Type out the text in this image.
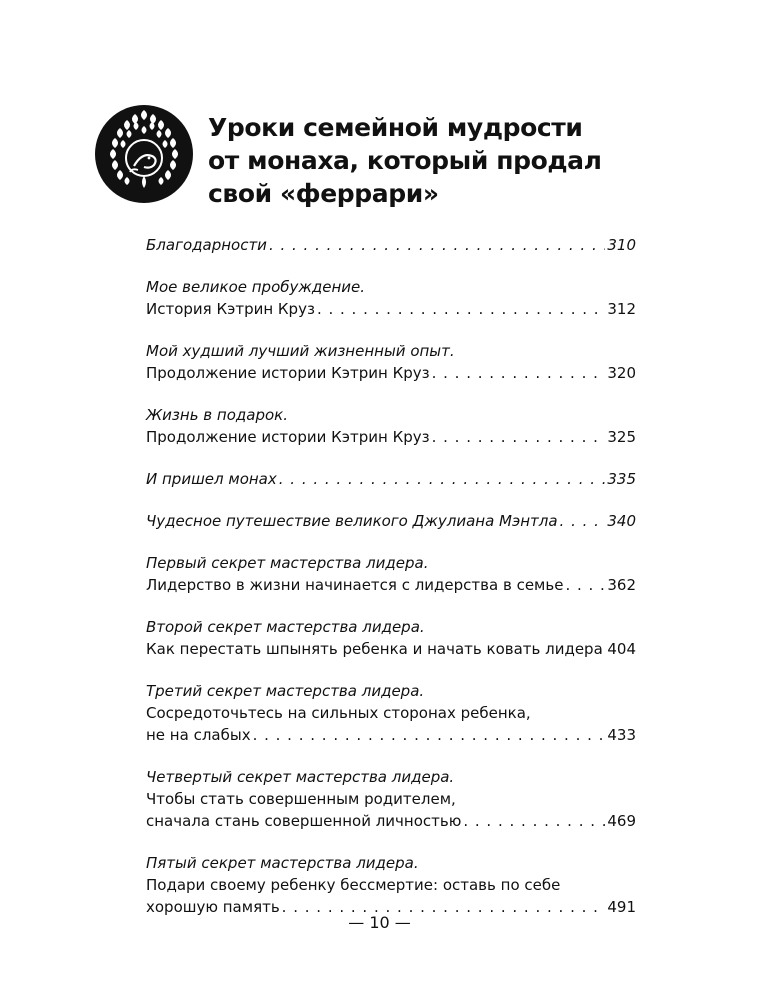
Уроки семейной мудрости
от монаха, который продал
свой «феррари»
Благодарности . . .	310
Мое великое пробуждение.
История Кэтрин Круз . . .	312
Мой худший лучший жизненный опыт.
Продолжение истории Кэтрин Круз . . .	320
Жизнь в подарок.
Продолжение истории Кэтрин Круз . . .	325
И пришел монах . . .	335
Чудесное путешествие великого Джулиана Мэнтла . . .	340
Первый секрет мастерства лидера.
Лидерство в жизни начинается с лидерства в семье . . .	362
Второй секрет мастерства лидера.
Как перестать шпынять ребенка и начать ковать лидера . . . 404
Третий секрет мастерства лидера.
Сосредоточьтесь на сильных сторонах ребенка,
не на слабых . . .	433
Четвертый секрет мастерства лидера.
Чтобы стать совершенным родителем,
сначала стань совершенной личностью . . .	469
Пятый секрет мастерства лидера.
Подари своему ребенку бессмертие: оставь по себе
хорошую память . . .	491
— 10 —
